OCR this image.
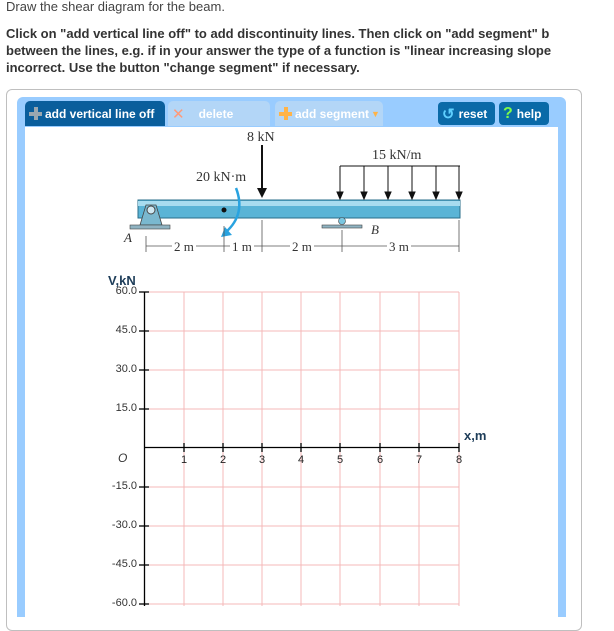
Draw the shear diagram for the beam.
Click on "add vertical line off" to add discontinuity lines. Then click on "add segment" b
between the lines, e.g. if in your answer the type of a function is "linear increasing slope
incorrect. Use the button "change segment" if necessary.
add vertical line off ✕ delete	add segment ▼	↺ reset ? help
8 kN
20 kN·m
15 kN/m
A
B
2 m	1 m	2 m	3 m
V,kN
x,m
O
60.0
45.0
30.0
15.0
-15.0
-30.0
-45.0
-60.0
1	2	3	4	5	6	7	8
